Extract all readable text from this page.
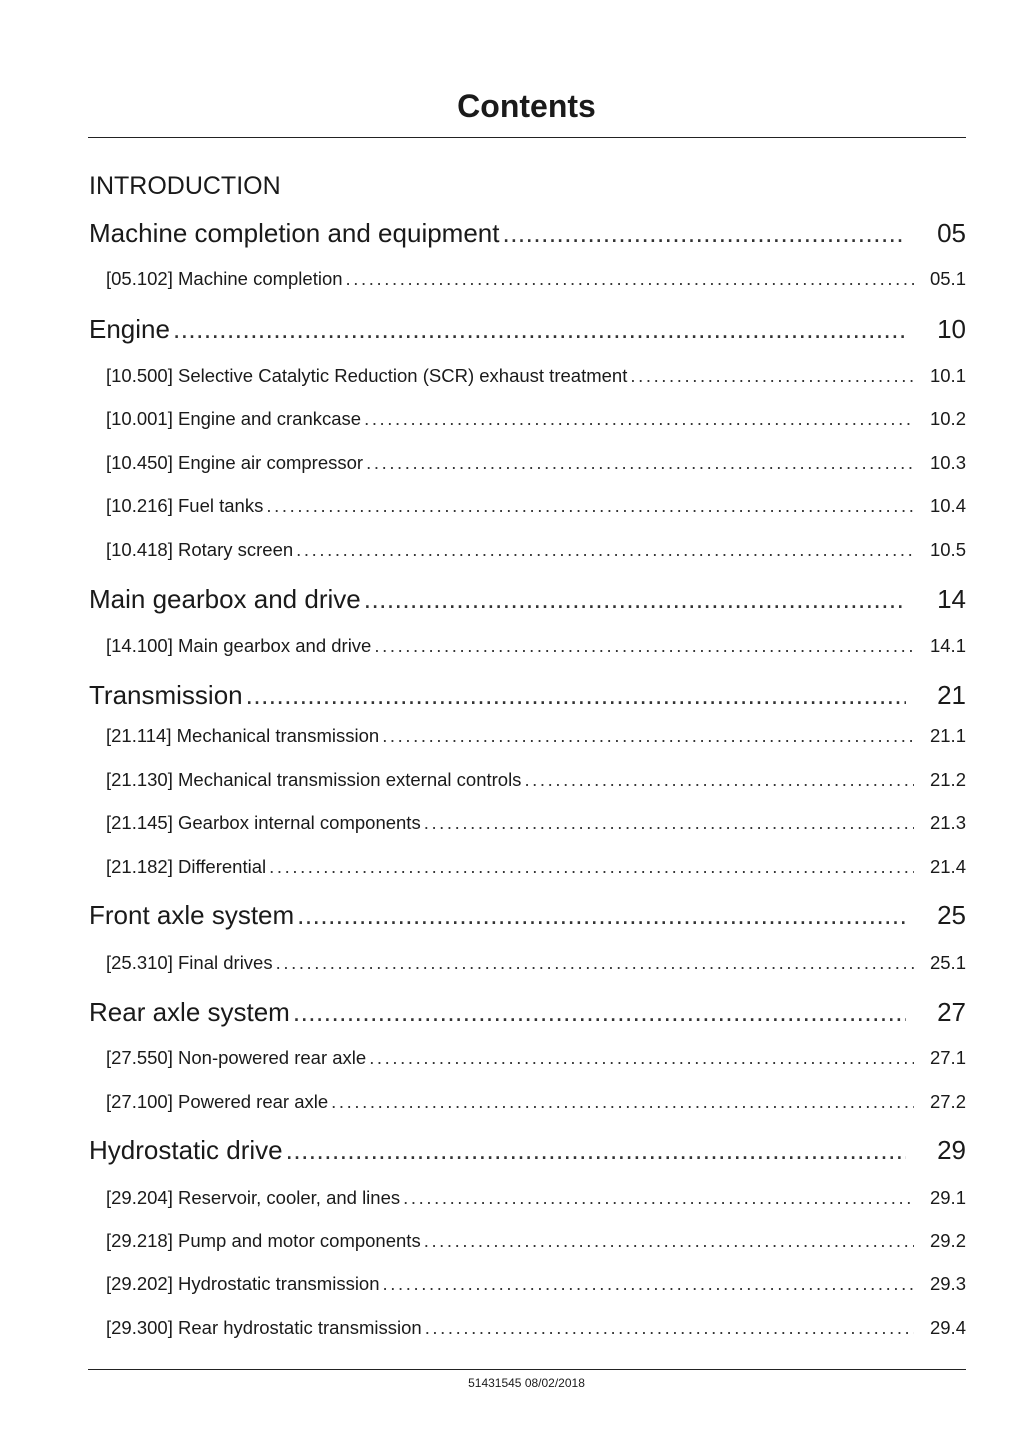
Contents

INTRODUCTION

Machine completion and equipment .....	05
[05.102] Machine completion .....	05.1
Engine .....	10
[10.500] Selective Catalytic Reduction (SCR) exhaust treatment .....	10.1
[10.001] Engine and crankcase .....	10.2
[10.450] Engine air compressor .....	10.3
[10.216] Fuel tanks .....	10.4
[10.418] Rotary screen .....	10.5
Main gearbox and drive .....	14
[14.100] Main gearbox and drive .....	14.1
Transmission .....	21
[21.114] Mechanical transmission .....	21.1
[21.130] Mechanical transmission external controls .....	21.2
[21.145] Gearbox internal components .....	21.3
[21.182] Differential .....	21.4
Front axle system .....	25
[25.310] Final drives .....	25.1
Rear axle system .....	27
[27.550] Non-powered rear axle .....	27.1
[27.100] Powered rear axle .....	27.2
Hydrostatic drive .....	29
[29.204] Reservoir, cooler, and lines .....	29.1
[29.218] Pump and motor components .....	29.2
[29.202] Hydrostatic transmission .....	29.3
[29.300] Rear hydrostatic transmission .....	29.4
51431545 08/02/2018
